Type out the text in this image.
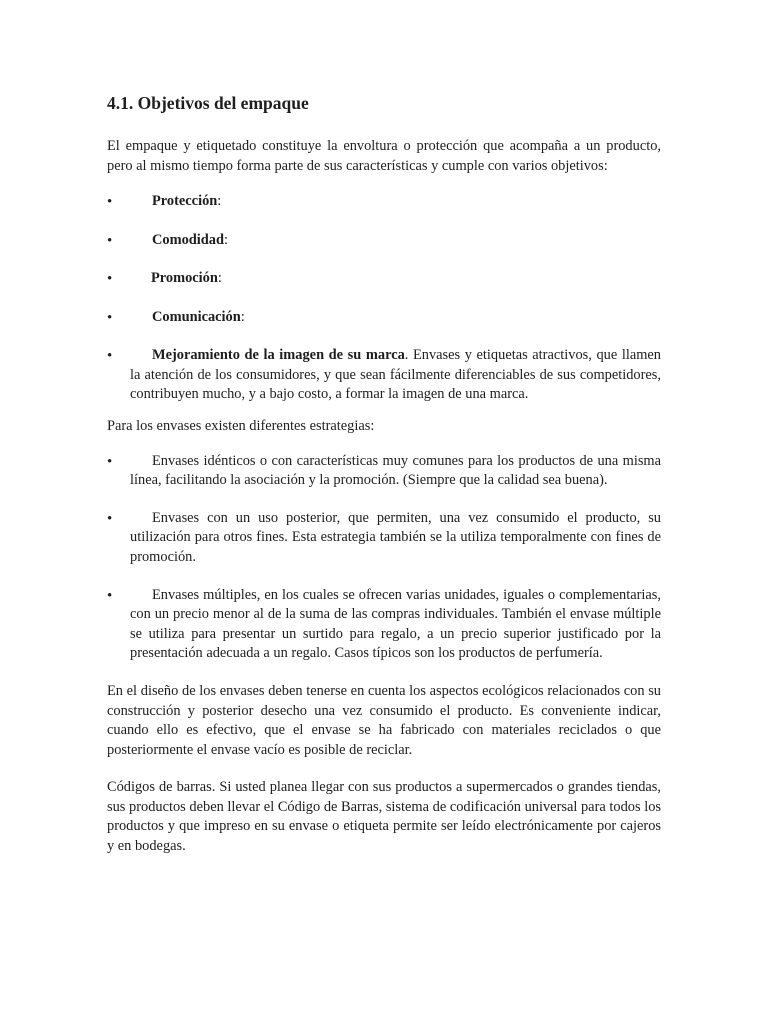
4.1. Objetivos del empaque

El empaque y etiquetado constituye la envoltura o protección que acompaña a un producto, pero al mismo tiempo forma parte de sus características y cumple con varios objetivos:

•	Protección:
•	Comodidad:
•	Promoción:
•	Comunicación:
•	Mejoramiento de la imagen de su marca. Envases y etiquetas atractivos, que llamen la atención de los consumidores, y que sean fácilmente diferenciables de sus competidores, contribuyen mucho, y a bajo costo, a formar la imagen de una marca.

Para los envases existen diferentes estrategias:

•	Envases idénticos o con características muy comunes para los productos de una misma línea, facilitando la asociación y la promoción. (Siempre que la calidad sea buena).
•	Envases con un uso posterior, que permiten, una vez consumido el producto, su utilización para otros fines. Esta estrategia también se la utiliza temporalmente con fines de promoción.
•	Envases múltiples, en los cuales se ofrecen varias unidades, iguales o complementarias, con un precio menor al de la suma de las compras individuales. También el envase múltiple se utiliza para presentar un surtido para regalo, a un precio superior justificado por la presentación adecuada a un regalo. Casos típicos son los productos de perfumería.

En el diseño de los envases deben tenerse en cuenta los aspectos ecológicos relacionados con su construcción y posterior desecho una vez consumido el producto. Es conveniente indicar, cuando ello es efectivo, que el envase se ha fabricado con materiales reciclados o que posteriormente el envase vacío es posible de reciclar.

Códigos de barras. Si usted planea llegar con sus productos a supermercados o grandes tiendas, sus productos deben llevar el Código de Barras, sistema de codificación universal para todos los productos y que impreso en su envase o etiqueta permite ser leído electrónicamente por cajeros y en bodegas.
